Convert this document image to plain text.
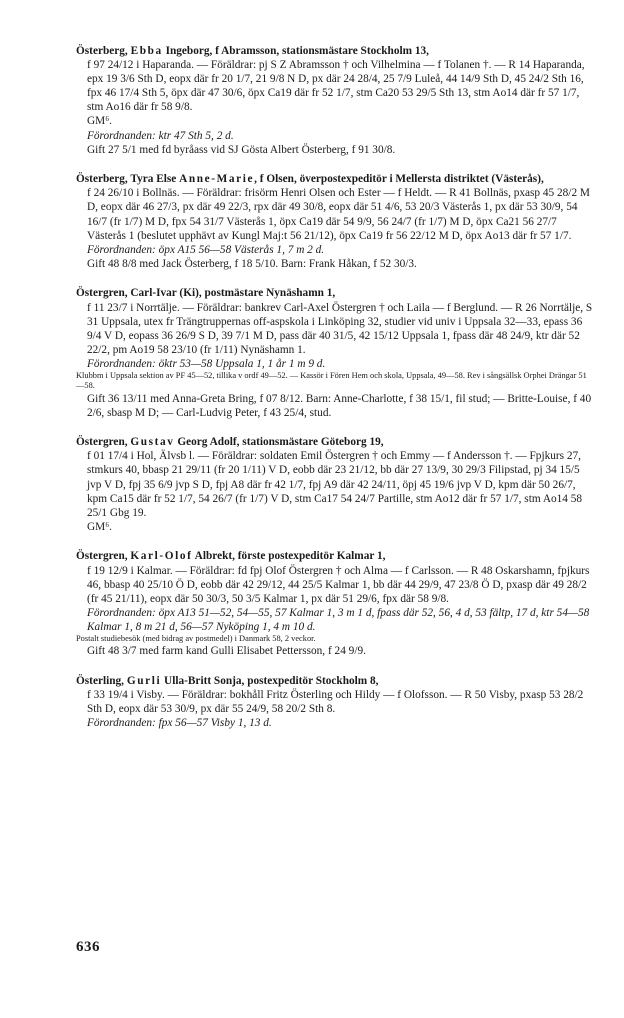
Österberg, Ebba Ingeborg, f Abramsson, stationsmästare Stockholm 13,

f 97 24/12 i Haparanda. — Föräldrar: pj S Z Abramsson † och Vilhelmina — f Tolanen †. — R 14 Haparanda, epx 19 3/6 Sth D, eopx där fr 20 1/7, 21 9/8 N D, px där 24 28/4, 25 7/9 Luleå, 44 14/9 Sth D, 45 24/2 Sth 16, fpx 46 17/4 Sth 5, öpx där 47 30/6, öpx Ca19 där fr 52 1/7, stm Ca20 53 29/5 Sth 13, stm Ao14 där fr 57 1/7, stm Ao16 där fr 58 9/8.

GM⁶.

Förordnanden: ktr 47 Sth 5, 2 d.

Gift 27 5/1 med fd byråass vid SJ Gösta Albert Österberg, f 91 30/8.

Österberg, Tyra Else Anne-Marie, f Olsen, överpostexpeditör i Mellersta distriktet (Västerås),

f 24 26/10 i Bollnäs. — Föräldrar: frisörm Henri Olsen och Ester — f Heldt. — R 41 Bollnäs, pxasp 45 28/2 M D, eopx där 46 27/3, px där 49 22/3, rpx där 49 30/8, eopx där 51 4/6, 53 20/3 Västerås 1, px där 53 30/9, 54 16/7 (fr 1/7) M D, fpx 54 31/7 Västerås 1, öpx Ca19 där 54 9/9, 56 24/7 (fr 1/7) M D, öpx Ca21 56 27/7 Västerås 1 (beslutet upphävt av Kungl Maj:t 56 21/12), öpx Ca19 fr 56 22/12 M D, öpx Ao13 där fr 57 1/7.

Förordnanden: öpx A15 56—58 Västerås 1, 7 m 2 d.

Gift 48 8/8 med Jack Österberg, f 18 5/10. Barn: Frank Håkan, f 52 30/3.

Östergren, Carl-Ivar (Ki), postmästare Nynäshamn 1,

f 11 23/7 i Norrtälje. — Föräldrar: bankrev Carl-Axel Östergren † och Laila — f Berglund. — R 26 Norrtälje, S 31 Uppsala, utex fr Trängtruppernas off-aspskola i Linköping 32, studier vid univ i Uppsala 32—33, epass 36 9/4 V D, eopass 36 26/9 S D, 39 7/1 M D, pass där 40 31/5, 42 15/12 Uppsala 1, fpass där 48 24/9, ktr där 52 22/2, pm Ao19 58 23/10 (fr 1/11) Nynäshamn 1.

Förordnanden: öktr 53—58 Uppsala 1, 1 år 1 m 9 d.

Klubbm i Uppsala sektion av PF 45—52, tillika v ordf 49—52. — Kassör i Fören Hem och skola, Uppsala, 49—58. Rev i sångsällsk Orphei Drängar 51—58.

Gift 36 13/11 med Anna-Greta Bring, f 07 8/12. Barn: Anne-Charlotte, f 38 15/1, fil stud; — Britte-Louise, f 40 2/6, sbasp M D; — Carl-Ludvig Peter, f 43 25/4, stud.

Östergren, Gustav Georg Adolf, stationsmästare Göteborg 19,

f 01 17/4 i Hol, Älvsb l. — Föräldrar: soldaten Emil Östergren † och Emmy — f Andersson †. — Fpjkurs 27, stmkurs 40, bbasp 21 29/11 (fr 20 1/11) V D, eobb där 23 21/12, bb där 27 13/9, 30 29/3 Filipstad, pj 34 15/5 jvp V D, fpj 35 6/9 jvp S D, fpj A8 där fr 42 1/7, fpj A9 där 42 24/11, öpj 45 19/6 jvp V D, kpm där 50 26/7, kpm Ca15 där fr 52 1/7, 54 26/7 (fr 1/7) V D, stm Ca17 54 24/7 Partille, stm Ao12 där fr 57 1/7, stm Ao14 58 25/1 Gbg 19.

GM⁶.

Östergren, Karl-Olof Albrekt, förste postexpeditör Kalmar 1,

f 19 12/9 i Kalmar. — Föräldrar: fd fpj Olof Östergren † och Alma — f Carlsson. — R 48 Oskarshamn, fpjkurs 46, bbasp 40 25/10 Ö D, eobb där 42 29/12, 44 25/5 Kalmar 1, bb där 44 29/9, 47 23/8 Ö D, pxasp där 49 28/2 (fr 45 21/11), eopx där 50 30/3, 50 3/5 Kalmar 1, px där 51 29/6, fpx där 58 9/8.

Förordnanden: öpx A13 51—52, 54—55, 57 Kalmar 1, 3 m 1 d, fpass där 52, 56, 4 d, 53 fältp, 17 d, ktr 54—58 Kalmar 1, 8 m 21 d, 56—57 Nyköping 1, 4 m 10 d.

Postalt studiebesök (med bidrag av postmedel) i Danmark 58, 2 veckor.

Gift 48 3/7 med farm kand Gulli Elisabet Pettersson, f 24 9/9.

Österling, Gurli Ulla-Britt Sonja, postexpeditör Stockholm 8,

f 33 19/4 i Visby. — Föräldrar: bokhåll Fritz Österling och Hildy — f Olofsson. — R 50 Visby, pxasp 53 28/2 Sth D, eopx där 53 30/9, px där 55 24/9, 58 20/2 Sth 8.

Förordnanden: fpx 56—57 Visby 1, 13 d.

636
